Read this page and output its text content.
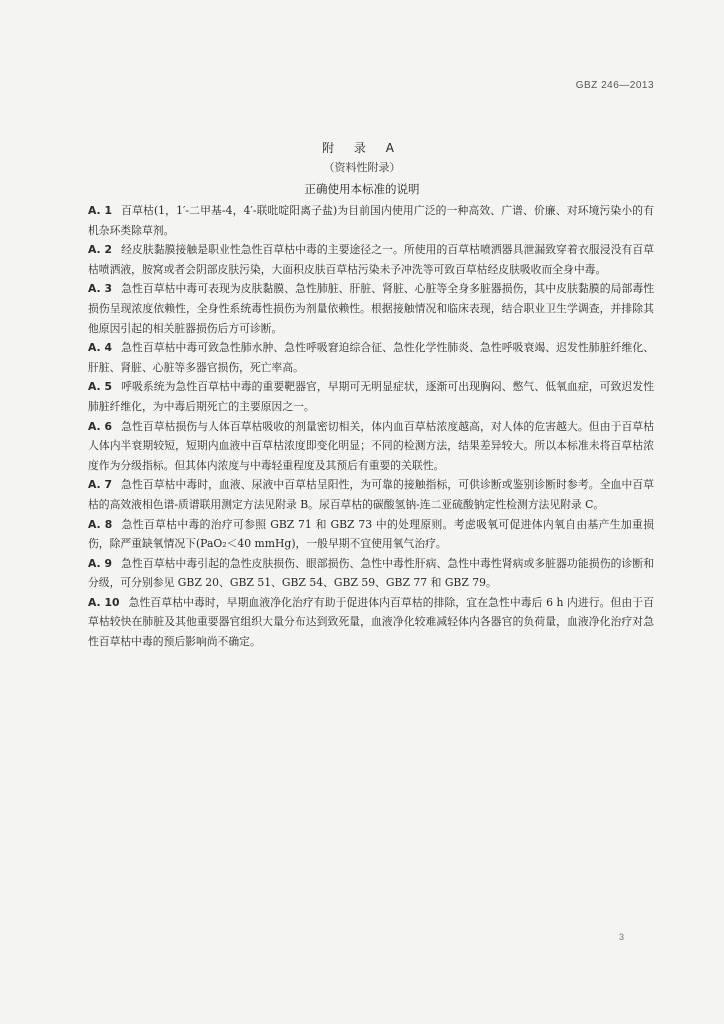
GBZ 246—2013
附 录 A
（资料性附录）
正确使用本标准的说明

A. 1 百草枯(1，1′-二甲基-4，4′-联吡啶阳离子盐)为目前国内使用广泛的一种高效、广谱、价廉、对环境污染小的有机杂环类除草剂。

A. 2 经皮肤黏膜接触是职业性急性百草枯中毒的主要途径之一。所使用的百草枯喷洒器具泄漏致穿着衣服浸没有百草枯喷洒液，胺窝或者会阴部皮肤污染，大面积皮肤百草枯污染未予冲洗等可致百草枯经皮肤吸收而全身中毒。

A. 3 急性百草枯中毒可表现为皮肤黏膜、急性肺脏、肝脏、肾脏、心脏等全身多脏器损伤，其中皮肤黏膜的局部毒性损伤呈现浓度依赖性，全身性系统毒性损伤为剂量依赖性。根据接触情况和临床表现，结合职业卫生学调查，并排除其他原因引起的相关脏器损伤后方可诊断。

A. 4 急性百草枯中毒可致急性肺水肿、急性呼吸窘迫综合征、急性化学性肺炎、急性呼吸衰竭、迟发性肺脏纤维化、肝脏、肾脏、心脏等多器官损伤，死亡率高。

A. 5 呼吸系统为急性百草枯中毒的重要靶器官，早期可无明显症状，逐渐可出现胸闷、憋气、低氧血症，可致迟发性肺脏纤维化，为中毒后期死亡的主要原因之一。

A. 6 急性百草枯损伤与人体百草枯吸收的剂量密切相关，体内血百草枯浓度越高，对人体的危害越大。但由于百草枯人体内半衰期较短，短期内血液中百草枯浓度即变化明显；不同的检测方法，结果差异较大。所以本标准未将百草枯浓度作为分级指标。但其体内浓度与中毒轻重程度及其预后有重要的关联性。

A. 7 急性百草枯中毒时，血液、尿液中百草枯呈阳性，为可靠的接触指标，可供诊断或鉴别诊断时参考。全血中百草枯的高效液相色谱-质谱联用测定方法见附录 B。尿百草枯的碳酸氢钠-连二亚硫酸钠定性检测方法见附录 C。

A. 8 急性百草枯中毒的治疗可参照 GBZ 71 和 GBZ 73 中的处理原则。考虑吸氧可促进体内氧自由基产生加重损伤，除严重缺氧情况下(PaO₂＜40 mmHg)，一般早期不宜使用氧气治疗。

A. 9 急性百草枯中毒引起的急性皮肤损伤、眼部损伤、急性中毒性肝病、急性中毒性肾病或多脏器功能损伤的诊断和分级，可分别参见 GBZ 20、GBZ 51、GBZ 54、GBZ 59、GBZ 77 和 GBZ 79。

A. 10 急性百草枯中毒时，早期血液净化治疗有助于促进体内百草枯的排除，宜在急性中毒后 6 h 内进行。但由于百草枯较快在肺脏及其他重要器官组织大量分布达到致死量，血液净化较难减轻体内各器官的负荷量，血液净化治疗对急性百草枯中毒的预后影响尚不确定。

3
